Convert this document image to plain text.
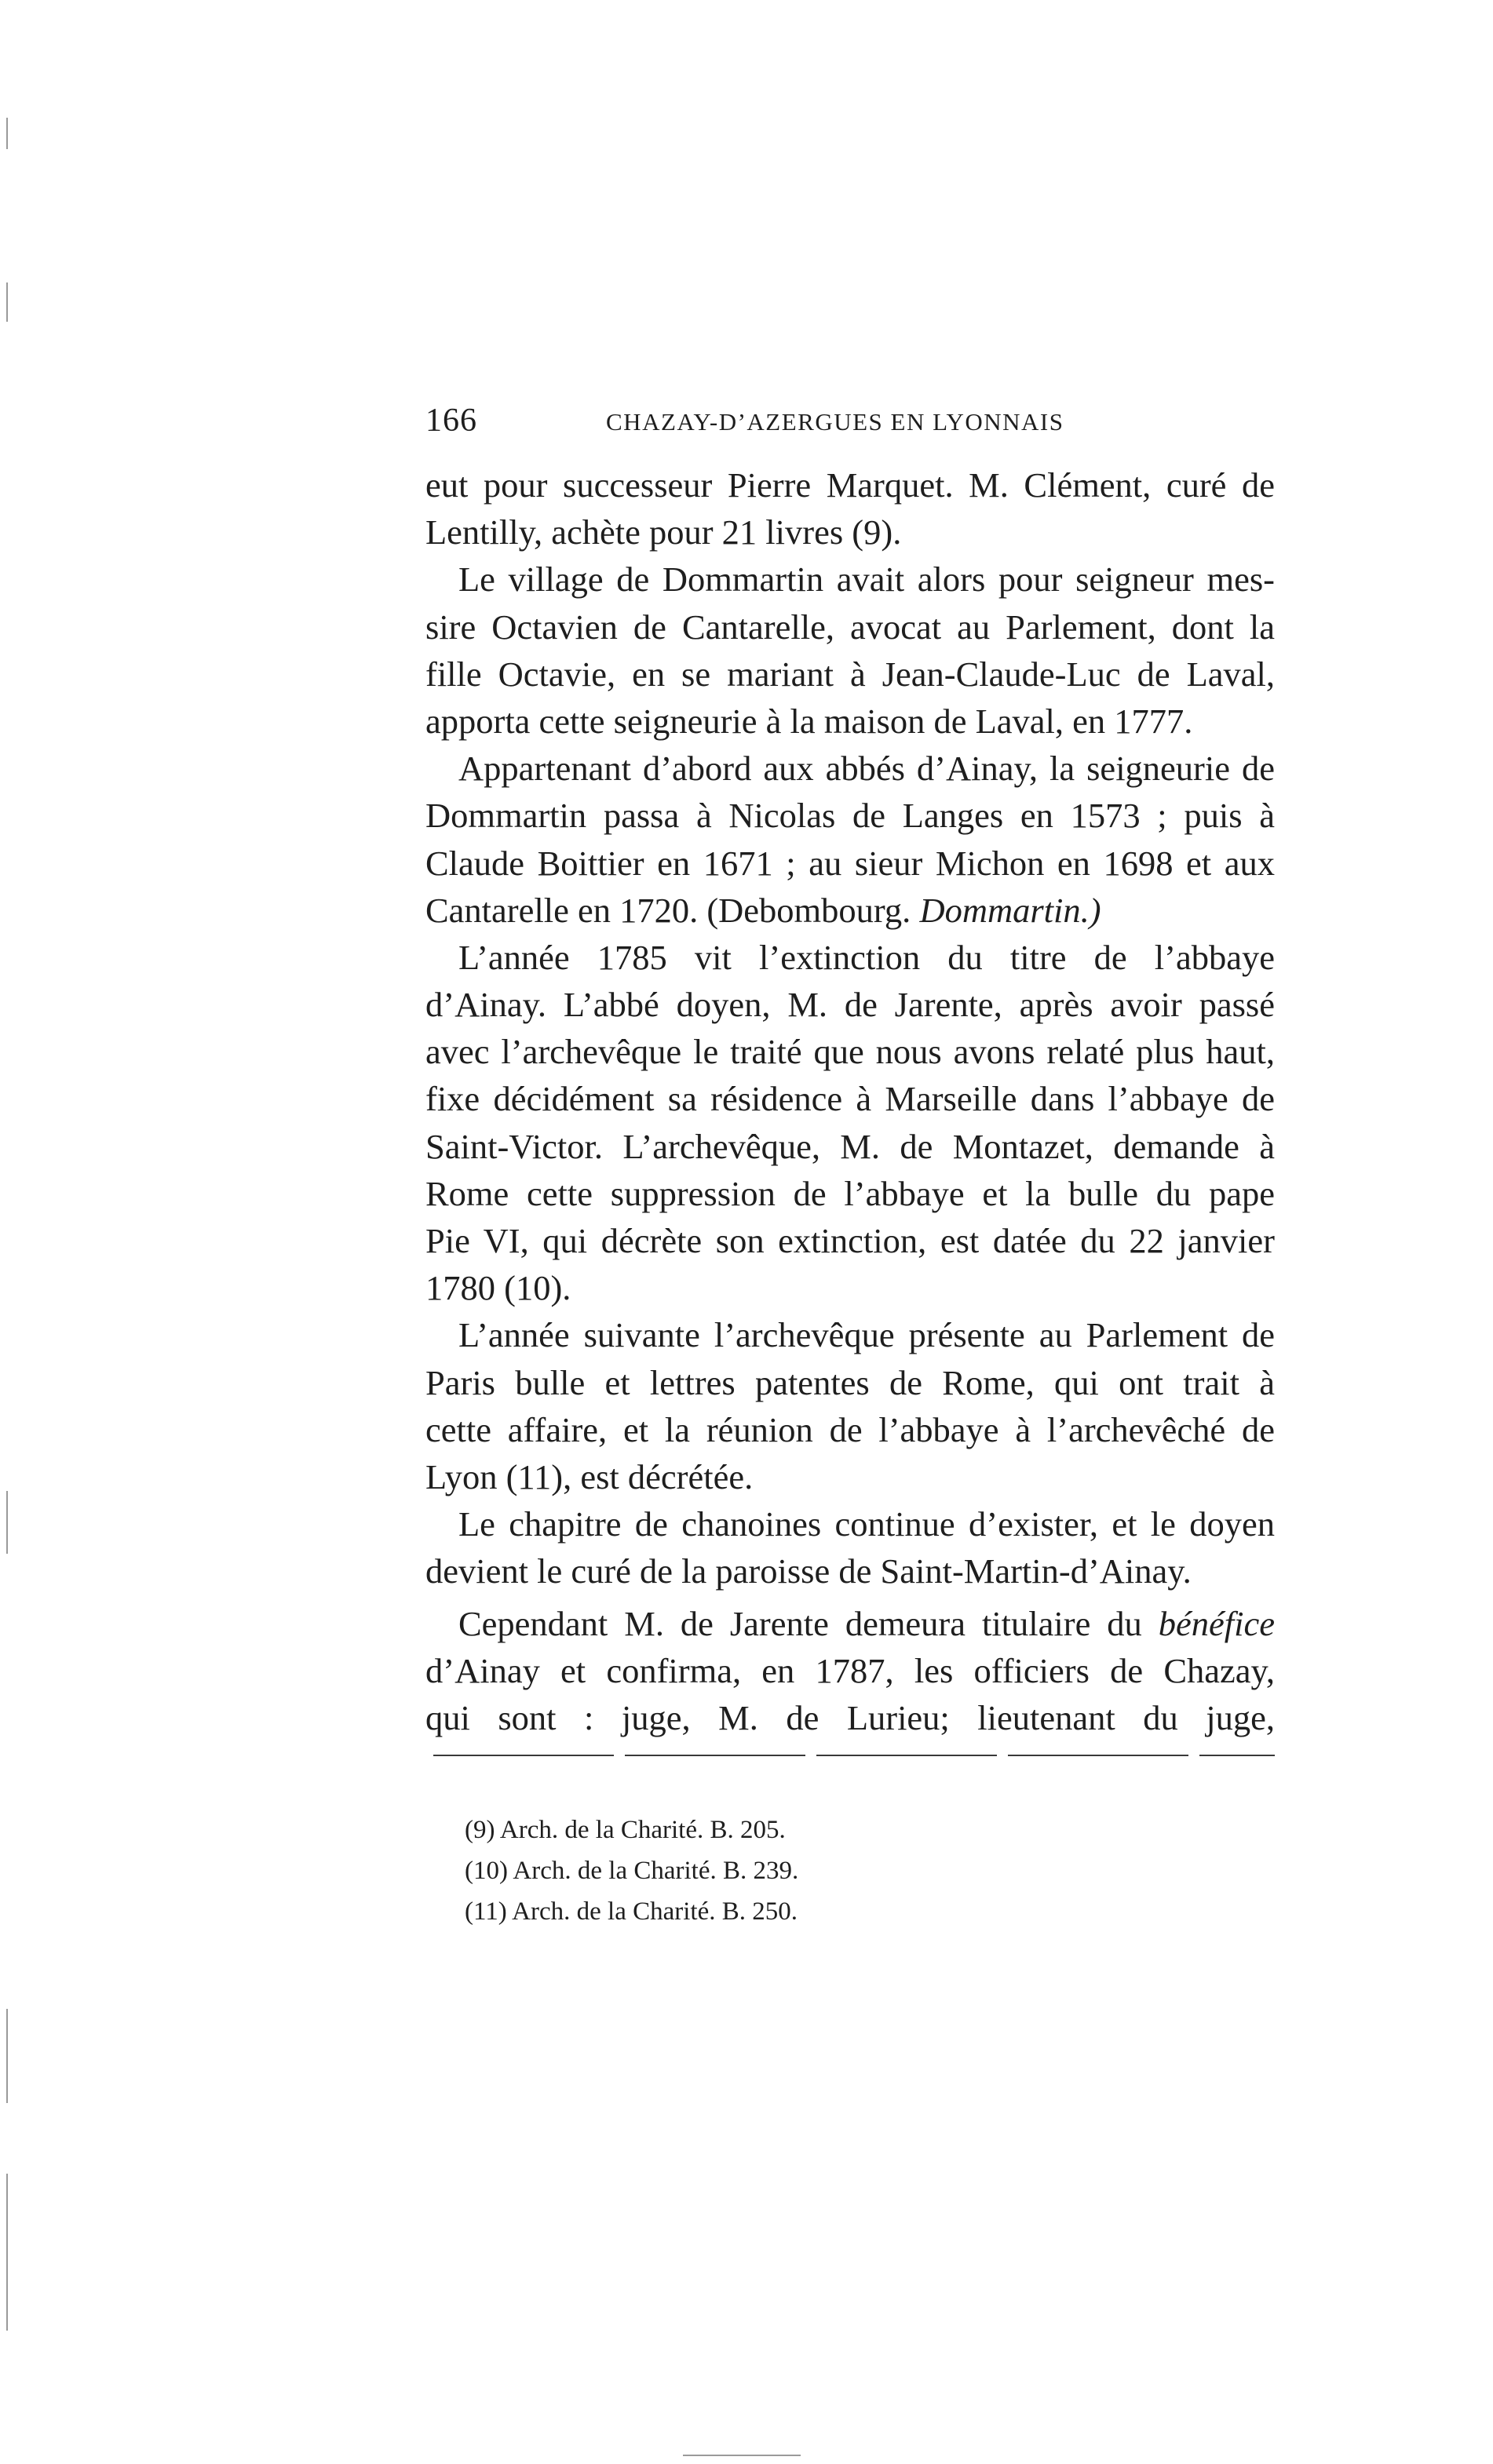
166	CHAZAY-D’AZERGUES EN LYONNAIS
eut pour successeur Pierre Marquet. M. Clément, curé de
Lentilly, achète pour 21 livres (9).
Le village de Dommartin avait alors pour seigneur mes-
sire Octavien de Cantarelle, avocat au Parlement, dont la
fille Octavie, en se mariant à Jean-Claude-Luc de Laval,
apporta cette seigneurie à la maison de Laval, en 1777.
Appartenant d’abord aux abbés d’Ainay, la seigneurie de
Dommartin passa à Nicolas de Langes en 1573 ; puis à
Claude Boittier en 1671 ; au sieur Michon en 1698 et aux
Cantarelle en 1720. (Debombourg. Dommartin.)
L’année 1785 vit l’extinction du titre de l’abbaye
d’Ainay. L’abbé doyen, M. de Jarente, après avoir passé
avec l’archevêque le traité que nous avons relaté plus haut,
fixe décidément sa résidence à Marseille dans l’abbaye de
Saint-Victor. L’archevêque, M. de Montazet, demande à
Rome cette suppression de l’abbaye et la bulle du pape
Pie VI, qui décrète son extinction, est datée du 22 janvier
1780 (10).
L’année suivante l’archevêque présente au Parlement de
Paris bulle et lettres patentes de Rome, qui ont trait à
cette affaire, et la réunion de l’abbaye à l’archevêché de
Lyon (11), est décrétée.
Le chapitre de chanoines continue d’exister, et le doyen
devient le curé de la paroisse de Saint-Martin-d’Ainay.
Cependant M. de Jarente demeura titulaire du bénéfice
d’Ainay et confirma, en 1787, les officiers de Chazay,
qui sont : juge, M. de Lurieu; lieutenant du juge,
(9) Arch. de la Charité. B. 205.
(10) Arch. de la Charité. B. 239.
(11) Arch. de la Charité. B. 250.
